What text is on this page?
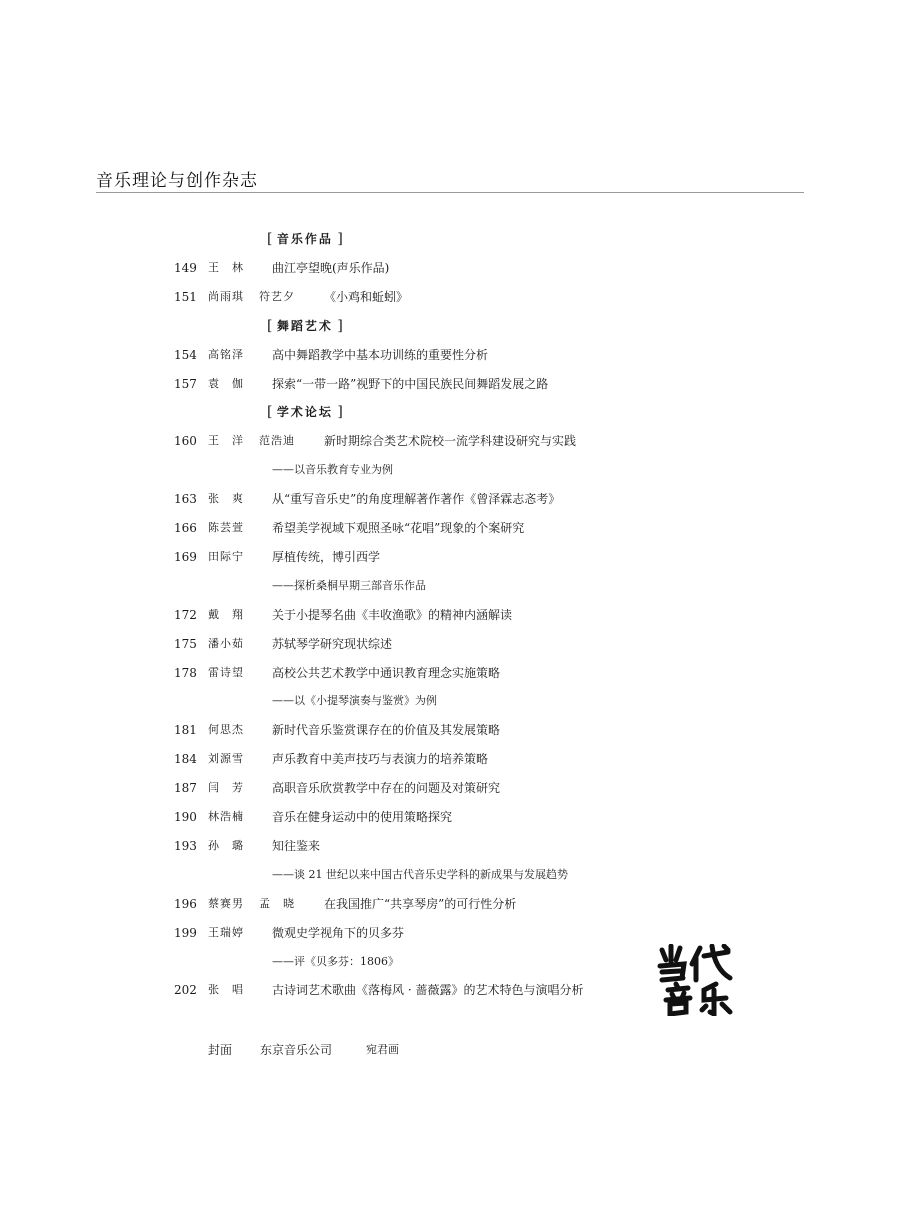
音乐理论与创作杂志
[ 音乐作品 ]
149 王　林 曲江亭望晚(声乐作品)
151 尚雨琪 符艺夕 《小鸡和蚯蚓》
[ 舞蹈艺术 ]
154 高铭泽 高中舞蹈教学中基本功训练的重要性分析
157 袁　伽 探索“一带一路”视野下的中国民族民间舞蹈发展之路
[ 学术论坛 ]
160 王　洋 范浩迪 新时期综合类艺术院校一流学科建设研究与实践
——以音乐教育专业为例
163 张　爽 从“重写音乐史”的角度理解著作著作《曾泽霖志忞考》
166 陈芸萱 希望美学视域下观照圣咏“花唱”现象的个案研究
169 田际宁 厚植传统，博引西学
——探析桑桐早期三部音乐作品
172 戴　翔 关于小提琴名曲《丰收渔歌》的精神内涵解读
175 潘小茹 苏轼琴学研究现状综述
178 雷诗望 高校公共艺术教学中通识教育理念实施策略
——以《小提琴演奏与鉴赏》为例
181 何思杰 新时代音乐鉴赏课存在的价值及其发展策略
184 刘源雪 声乐教育中美声技巧与表演力的培养策略
187 闫　芳 高职音乐欣赏教学中存在的问题及对策研究
190 林浩楠 音乐在健身运动中的使用策略探究
193 孙　璐 知往鉴来
——谈 21 世纪以来中国古代音乐史学科的新成果与发展趋势
196 蔡赛男 孟　晓 在我国推广“共享琴房”的可行性分析
199 王瑞婷 微观史学视角下的贝多芬
——评《贝多芬：1806》
202 张　唱 古诗词艺术歌曲《落梅风 · 蔷薇露》的艺术特色与演唱分析
封面 东京音乐公司	宛君画
